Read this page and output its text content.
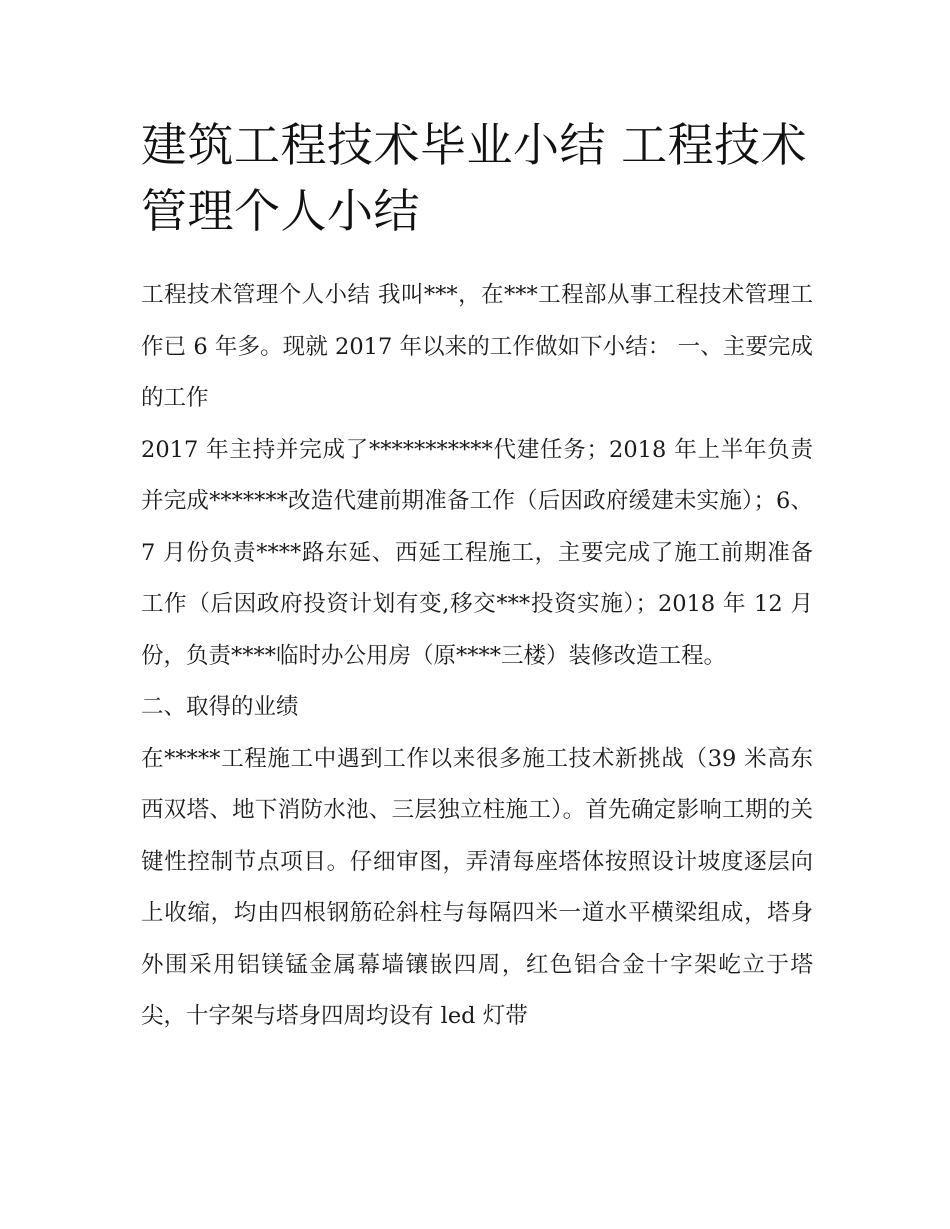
建筑工程技术毕业小结 工程技术管理个人小结

工程技术管理个人小结 我叫***，在***工程部从事工程技术管理工作已 6 年多。现就 2017 年以来的工作做如下小结： 一、主要完成的工作

2017 年主持并完成了***********代建任务；2018 年上半年负责并完成*******改造代建前期准备工作（后因政府缓建未实施）；6、7 月份负责****路东延、西延工程施工，主要完成了施工前期准备工作（后因政府投资计划有变,移交***投资实施）；2018 年 12 月份，负责****临时办公用房（原****三楼）装修改造工程。

二、取得的业绩

在*****工程施工中遇到工作以来很多施工技术新挑战（39 米高东西双塔、地下消防水池、三层独立柱施工）。首先确定影响工期的关键性控制节点项目。仔细审图，弄清每座塔体按照设计坡度逐层向上收缩，均由四根钢筋砼斜柱与每隔四米一道水平横梁组成，塔身外围采用铝镁锰金属幕墙镶嵌四周，红色铝合金十字架屹立于塔尖，十字架与塔身四周均设有 led 灯带
